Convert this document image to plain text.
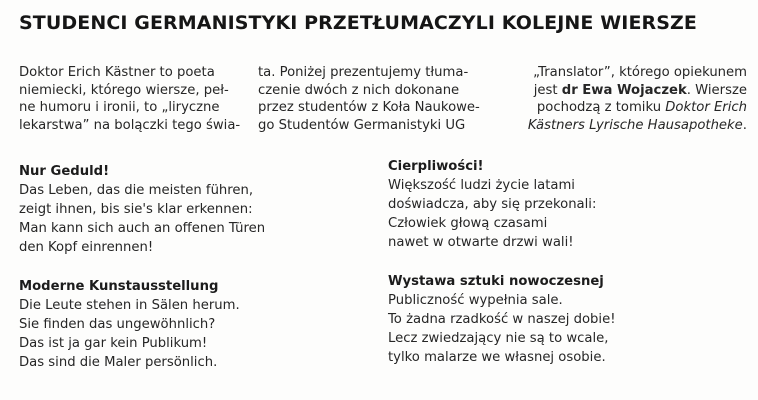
STUDENCI GERMANISTYKI PRZETŁUMACZYLI KOLEJNE WIERSZE
Doktor Erich Kästner to poeta
niemiecki, którego wiersze, peł-
ne humoru i ironii, to „liryczne
lekarstwa” na bolączki tego świa-
ta. Poniżej prezentujemy tłuma-
czenie dwóch z nich dokonane
przez studentów z Koła Naukowe-
go Studentów Germanistyki UG
„Translator”, którego opiekunem
jest dr Ewa Wojaczek. Wiersze
pochodzą z tomiku Doktor Erich
Kästners Lyrische Hausapotheke.
Nur Geduld!
Das Leben, das die meisten führen,
zeigt ihnen, bis sie's klar erkennen:
Man kann sich auch an offenen Türen
den Kopf einrennen!
Cierpliwości!
Większość ludzi życie latami
doświadcza, aby się przekonali:
Człowiek głową czasami
nawet w otwarte drzwi wali!
Moderne Kunstausstellung
Die Leute stehen in Sälen herum.
Sie finden das ungewöhnlich?
Das ist ja gar kein Publikum!
Das sind die Maler persönlich.
Wystawa sztuki nowoczesnej
Publiczność wypełnia sale.
To żadna rzadkość w naszej dobie!
Lecz zwiedzający nie są to wcale,
tylko malarze we własnej osobie.
